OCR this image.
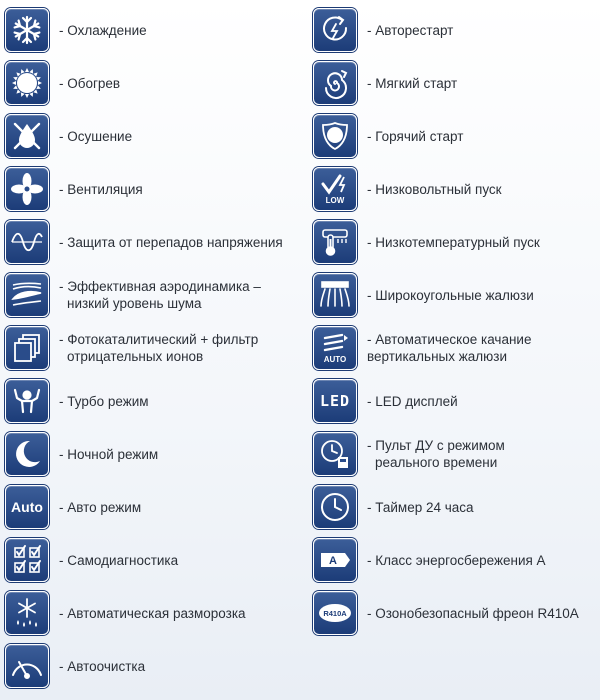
- Охлаждение
- Обогрев
- Осушение
- Вентиляция
- Защита от перепадов напряжения
- Эффективная аэродинамика –
низкий уровень шума
- Фотокаталитический + фильтр
отрицательных ионов
- Турбо режим
- Ночной режим
Auto - Авто режим
- Самодиагностика
- Автоматическая разморозка
- Автоочистка
- Авторестарт
- Мягкий старт
- Горячий старт
LOW
- Низковольтный пуск
- Низкотемпературный пуск
- Широкоугольные жалюзи
AUTO
- Автоматическое качание
вертикальных жалюзи
LED - LED дисплей
- Пульт ДУ с режимом
реального времени
- Таймер 24 часа
A - Класс энергосбережения А
R410A - Озонобезопасный фреон R410A
